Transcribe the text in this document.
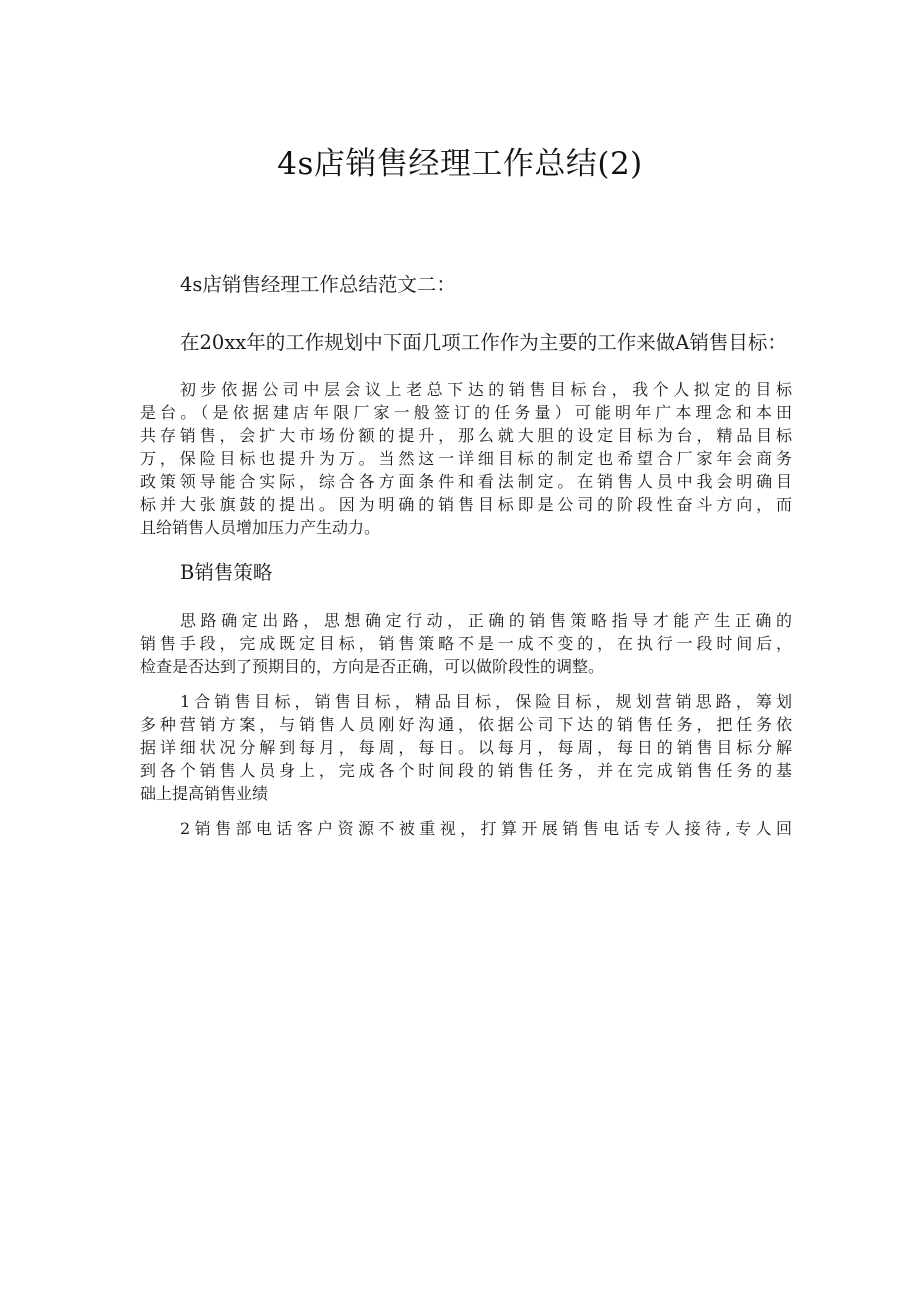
4s店销售经理工作总结(2)
4s店销售经理工作总结范文二：
在20xx年的工作规划中下面几项工作作为主要的工作来做A销售目标：
初步依据公司中层会议上老总下达的销售目标台，我个人拟定的目标
是台。（是依据建店年限厂家一般签订的任务量）可能明年广本理念和本田
共存销售，会扩大市场份额的提升，那么就大胆的设定目标为台，精品目标
万，保险目标也提升为万。当然这一详细目标的制定也希望合厂家年会商务
政策领导能合实际，综合各方面条件和看法制定。在销售人员中我会明确目
标并大张旗鼓的提出。因为明确的销售目标即是公司的阶段性奋斗方向，而
且给销售人员增加压力产生动力。
B销售策略
思路确定出路，思想确定行动，正确的销售策略指导才能产生正确的
销售手段，完成既定目标，销售策略不是一成不变的，在执行一段时间后，
检查是否达到了预期目的，方向是否正确，可以做阶段性的调整。
1合销售目标，销售目标，精品目标，保险目标，规划营销思路，筹划
多种营销方案，与销售人员刚好沟通，依据公司下达的销售任务，把任务依
据详细状况分解到每月，每周，每日。以每月，每周，每日的销售目标分解
到各个销售人员身上，完成各个时间段的销售任务，并在完成销售任务的基
础上提高销售业绩
2销售部电话客户资源不被重视，打算开展销售电话专人接待,专人回
